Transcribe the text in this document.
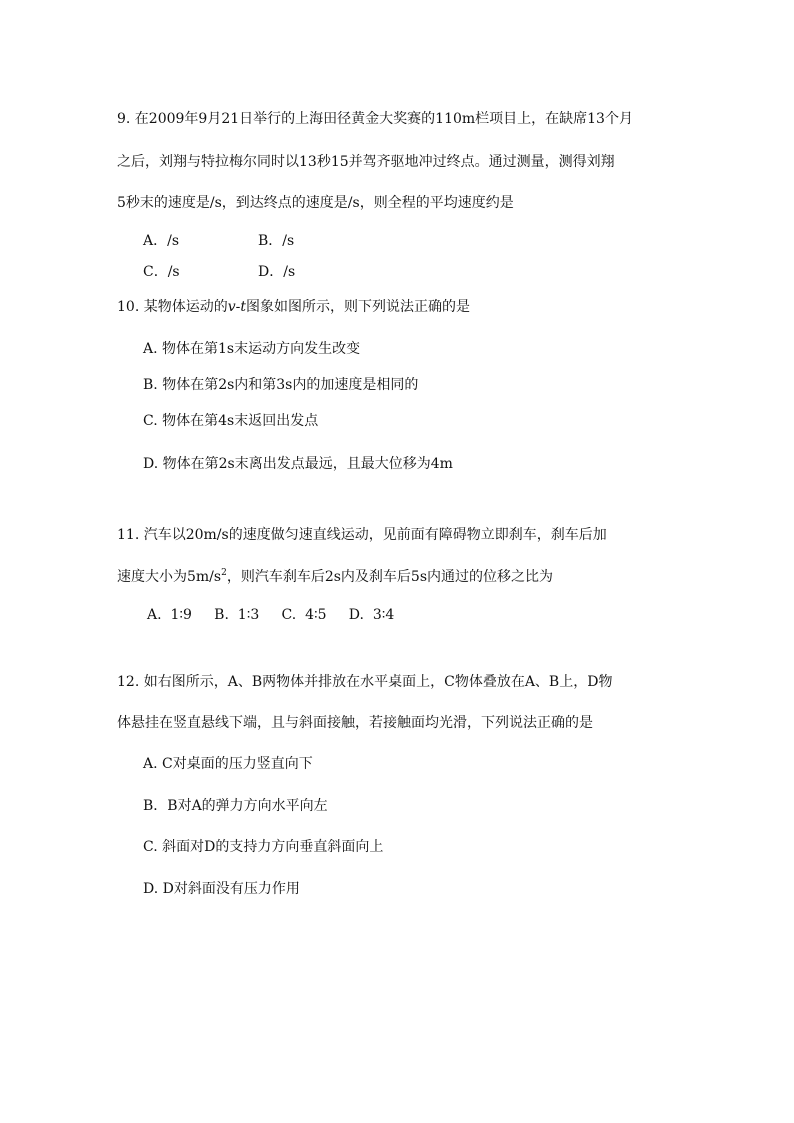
9. 在2009年9月21日举行的上海田径黄金大奖赛的110m栏项目上，在缺席13个月
之后，刘翔与特拉梅尔同时以13秒15并驾齐驱地冲过终点。通过测量，测得刘翔
5秒末的速度是/s，到达终点的速度是/s，则全程的平均速度约是
A．/s	B．/s
C．/s	D．/s
10. 某物体运动的v-t图象如图所示，则下列说法正确的是
A. 物体在第1s末运动方向发生改变
B. 物体在第2s内和第3s内的加速度是相同的
C. 物体在第4s末返回出发点
D. 物体在第2s末离出发点最远，且最大位移为4m
11. 汽车以20m/s的速度做匀速直线运动，见前面有障碍物立即刹车，刹车后加
速度大小为$5m/s^2$，则汽车刹车后2s内及刹车后5s内通过的位移之比为
A.  1∶9     B.  1∶3     C.  4∶5     D.  3∶4
12. 如右图所示，A、B两物体并排放在水平桌面上，C物体叠放在A、B上，D物
体悬挂在竖直悬线下端，且与斜面接触，若接触面均光滑，下列说法正确的是
A. C对桌面的压力竖直向下
B．B对A的弹力方向水平向左
C. 斜面对D的支持力方向垂直斜面向上
D. D对斜面没有压力作用
